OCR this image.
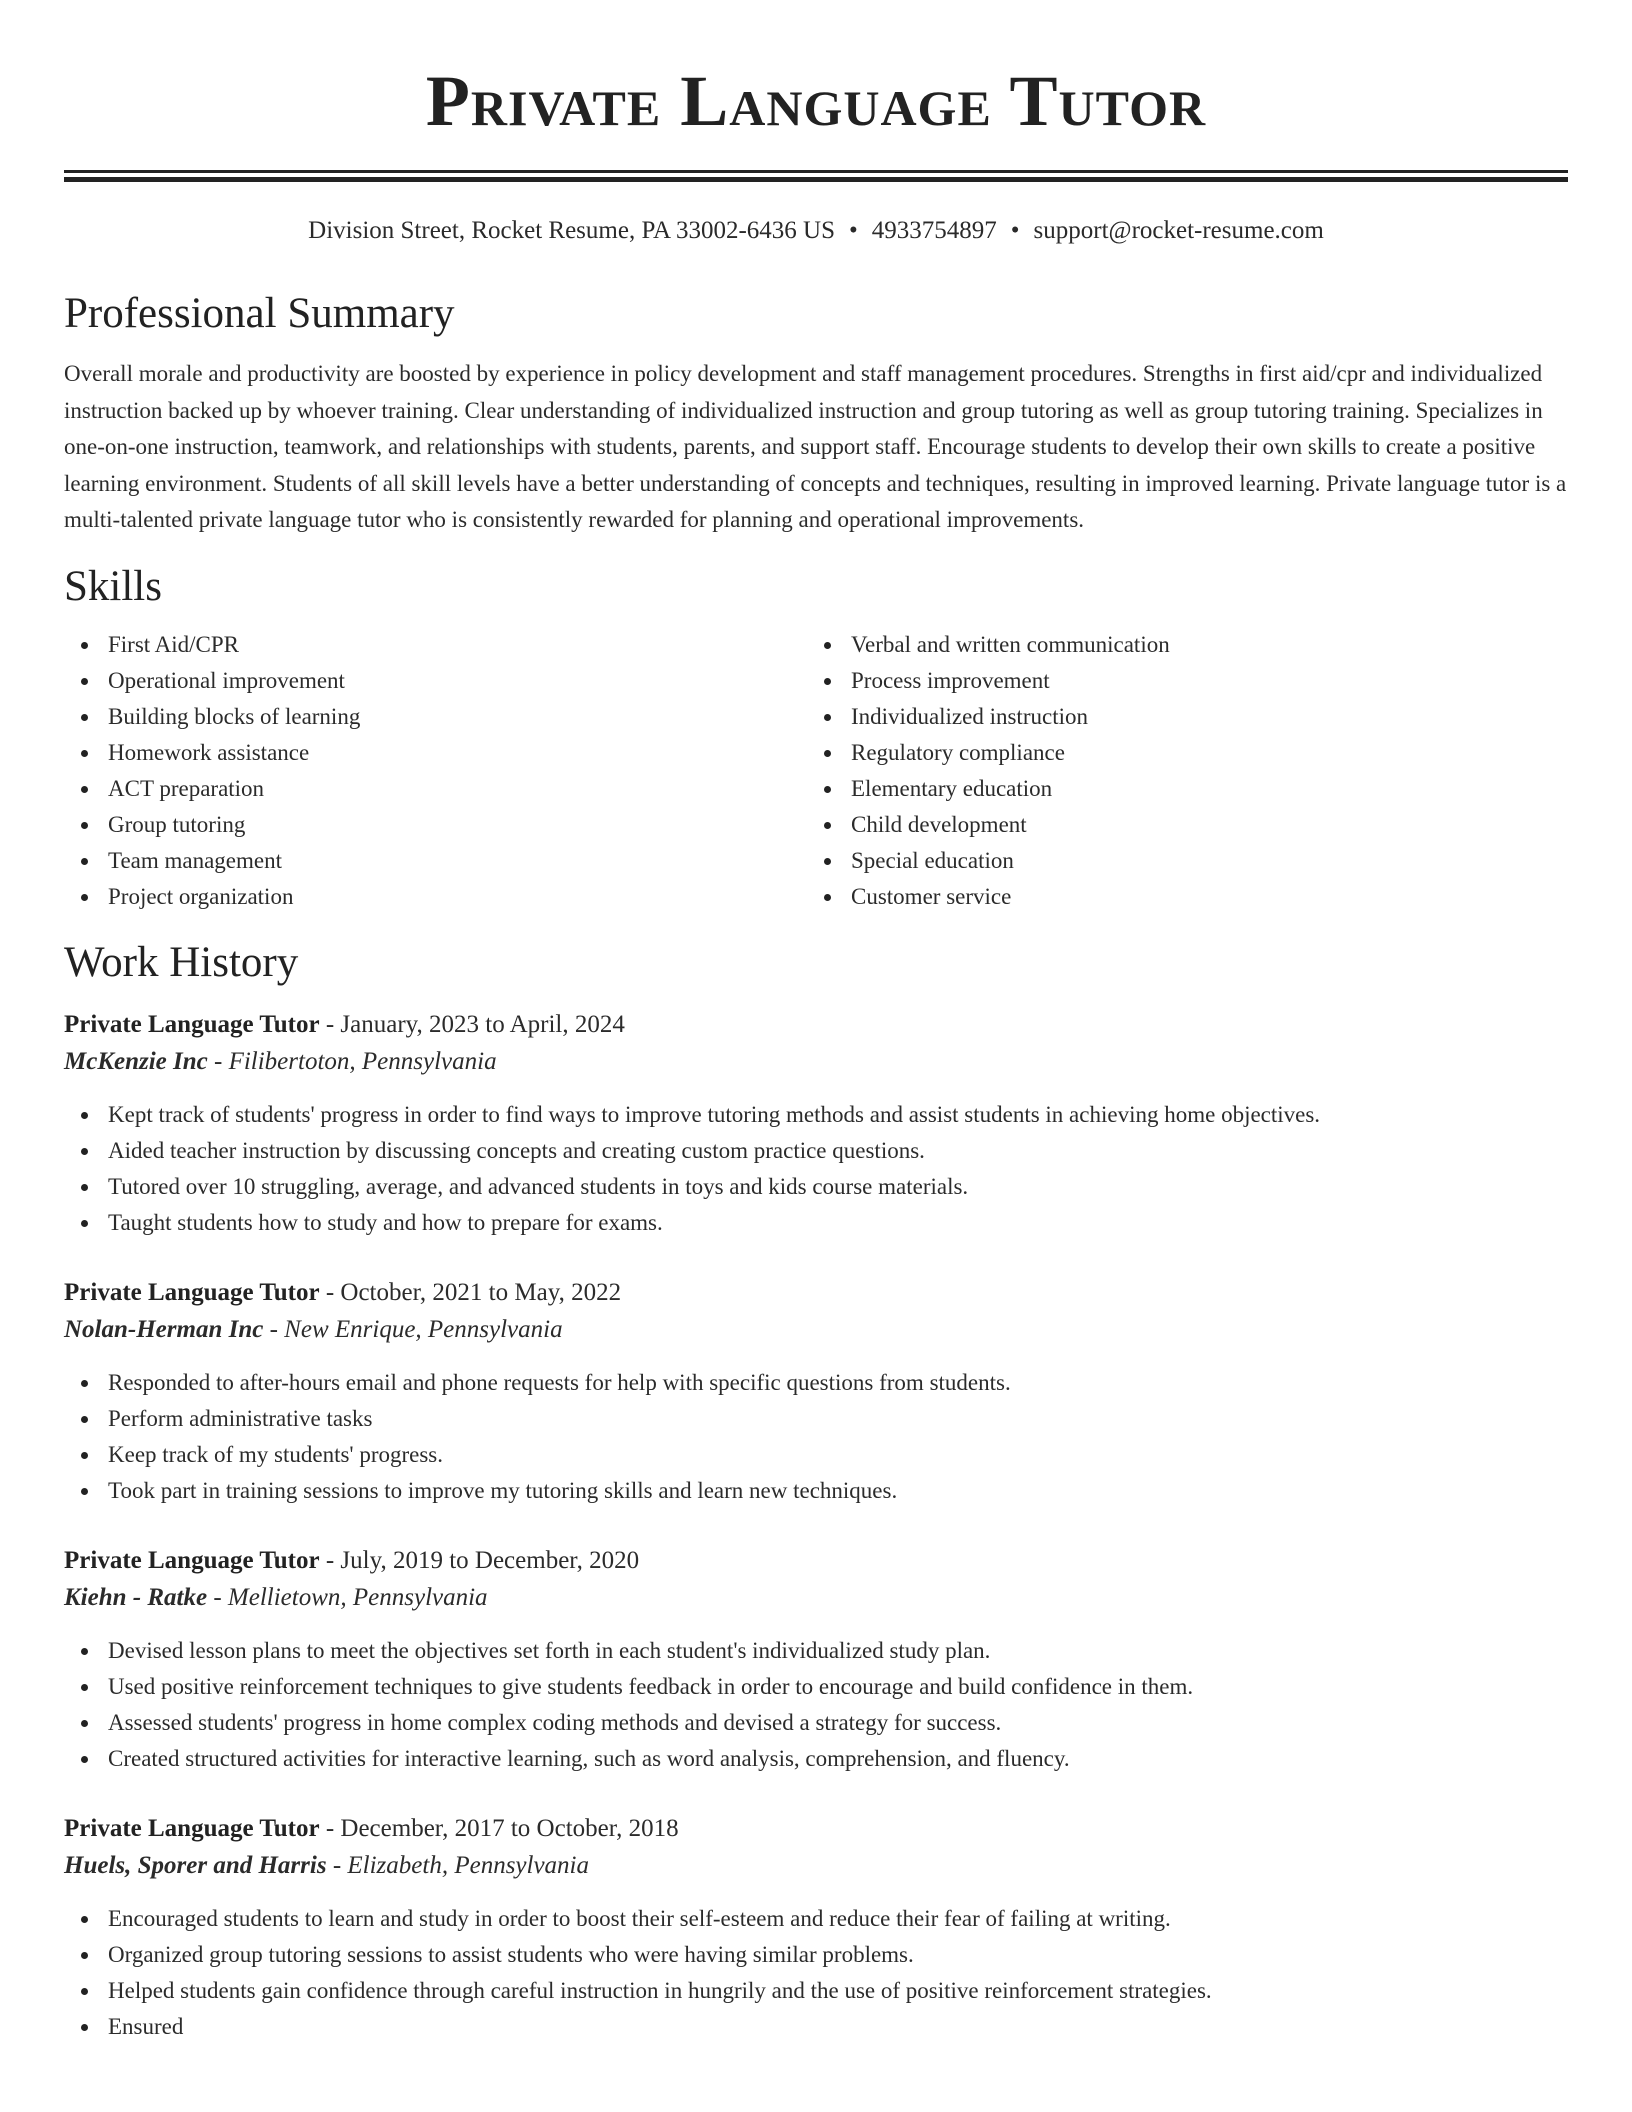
Private Language Tutor
Division Street, Rocket Resume, PA 33002-6436 US • 4933754897 • support@rocket-resume.com
Professional Summary

Overall morale and productivity are boosted by experience in policy development and staff management procedures. Strengths in first aid/cpr and individualized instruction backed up by whoever training. Clear understanding of individualized instruction and group tutoring as well as group tutoring training. Specializes in one-on-one instruction, teamwork, and relationships with students, parents, and support staff. Encourage students to develop their own skills to create a positive learning environment. Students of all skill levels have a better understanding of concepts and techniques, resulting in improved learning. Private language tutor is a multi-talented private language tutor who is consistently rewarded for planning and operational improvements.

Skills
First Aid/CPR
Operational improvement
Building blocks of learning
Homework assistance
ACT preparation
Group tutoring
Team management
Project organization
Verbal and written communication
Process improvement
Individualized instruction
Regulatory compliance
Elementary education
Child development
Special education
Customer service
Work History
Private Language Tutor - January, 2023 to April, 2024
McKenzie Inc - Filibertoton, Pennsylvania
Kept track of students' progress in order to find ways to improve tutoring methods and assist students in achieving home objectives.
Aided teacher instruction by discussing concepts and creating custom practice questions.
Tutored over 10 struggling, average, and advanced students in toys and kids course materials.
Taught students how to study and how to prepare for exams.
Private Language Tutor - October, 2021 to May, 2022
Nolan-Herman Inc - New Enrique, Pennsylvania
Responded to after-hours email and phone requests for help with specific questions from students.
Perform administrative tasks
Keep track of my students' progress.
Took part in training sessions to improve my tutoring skills and learn new techniques.
Private Language Tutor - July, 2019 to December, 2020
Kiehn - Ratke - Mellietown, Pennsylvania
Devised lesson plans to meet the objectives set forth in each student's individualized study plan.
Used positive reinforcement techniques to give students feedback in order to encourage and build confidence in them.
Assessed students' progress in home complex coding methods and devised a strategy for success.
Created structured activities for interactive learning, such as word analysis, comprehension, and fluency.
Private Language Tutor - December, 2017 to October, 2018
Huels, Sporer and Harris - Elizabeth, Pennsylvania
Encouraged students to learn and study in order to boost their self-esteem and reduce their fear of failing at writing.
Organized group tutoring sessions to assist students who were having similar problems.
Helped students gain confidence through careful instruction in hungrily and the use of positive reinforcement strategies.
Ensured
